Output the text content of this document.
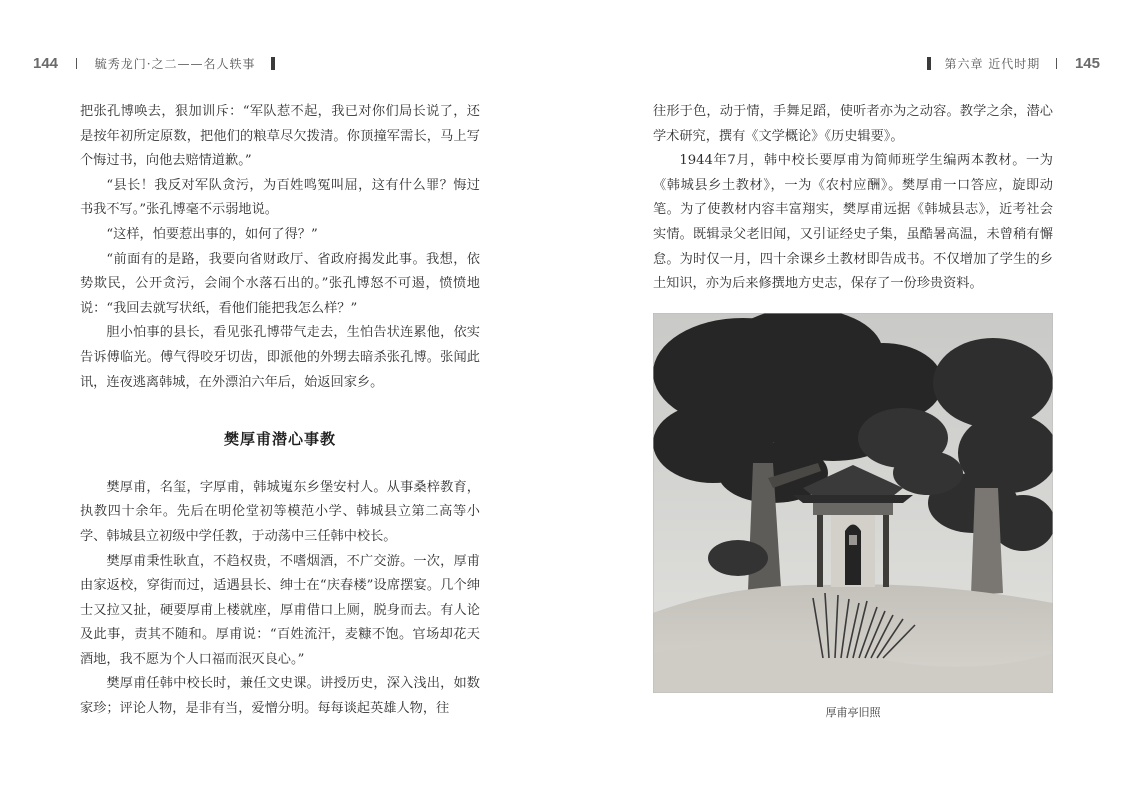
144	毓秀龙门·之二——名人轶事	第六章 近代时期 145

把张孔博唤去，狠加训斥：“军队惹不起，我已对你们局长说了，还是按年初所定原数，把他们的粮草尽欠拨清。你顶撞军需长，马上写个悔过书，向他去赔情道歉。”

“县长！我反对军队贪污，为百姓鸣冤叫屈，这有什么罪？悔过书我不写。”张孔博毫不示弱地说。

“这样，怕要惹出事的，如何了得？”

“前面有的是路，我要向省财政厅、省政府揭发此事。我想，依势欺民，公开贪污，会闹个水落石出的。”张孔博怒不可遏，愤愤地说：“我回去就写状纸，看他们能把我怎么样？”

胆小怕事的县长，看见张孔博带气走去，生怕告状连累他，依实告诉傅临光。傅气得咬牙切齿，即派他的外甥去暗杀张孔博。张闻此讯，连夜逃离韩城，在外漂泊六年后，始返回家乡。

樊厚甫潜心事教

樊厚甫，名玺，字厚甫，韩城嵬东乡堡安村人。从事桑梓教育，执教四十余年。先后在明伦堂初等模范小学、韩城县立第二高等小学、韩城县立初级中学任教，于动荡中三任韩中校长。

樊厚甫秉性耿直，不趋权贵，不嗜烟酒，不广交游。一次，厚甫由家返校，穿街而过，适遇县长、绅士在“庆春楼”设席摆宴。几个绅士又拉又扯，硬要厚甫上楼就座，厚甫借口上厕，脱身而去。有人论及此事，责其不随和。厚甫说：“百姓流汗，麦糠不饱。官场却花天酒地，我不愿为个人口福而泯灭良心。”

樊厚甫任韩中校长时，兼任文史课。讲授历史，深入浅出，如数家珍；评论人物，是非有当，爱憎分明。每每谈起英雄人物，往

往形于色，动于情，手舞足蹈，使听者亦为之动容。教学之余，潜心学术研究，撰有《文学概论》《历史辑要》。

1944年7月，韩中校长要厚甫为简师班学生编两本教材。一为《韩城县乡土教材》，一为《农村应酬》。樊厚甫一口答应，旋即动笔。为了使教材内容丰富翔实，樊厚甫远据《韩城县志》，近考社会实情。既辑录父老旧闻，又引证经史子集，虽酷暑高温，未曾稍有懈怠。为时仅一月，四十余课乡土教材即告成书。不仅增加了学生的乡土知识，亦为后来修撰地方史志，保存了一份珍贵资料。

厚甫亭旧照
